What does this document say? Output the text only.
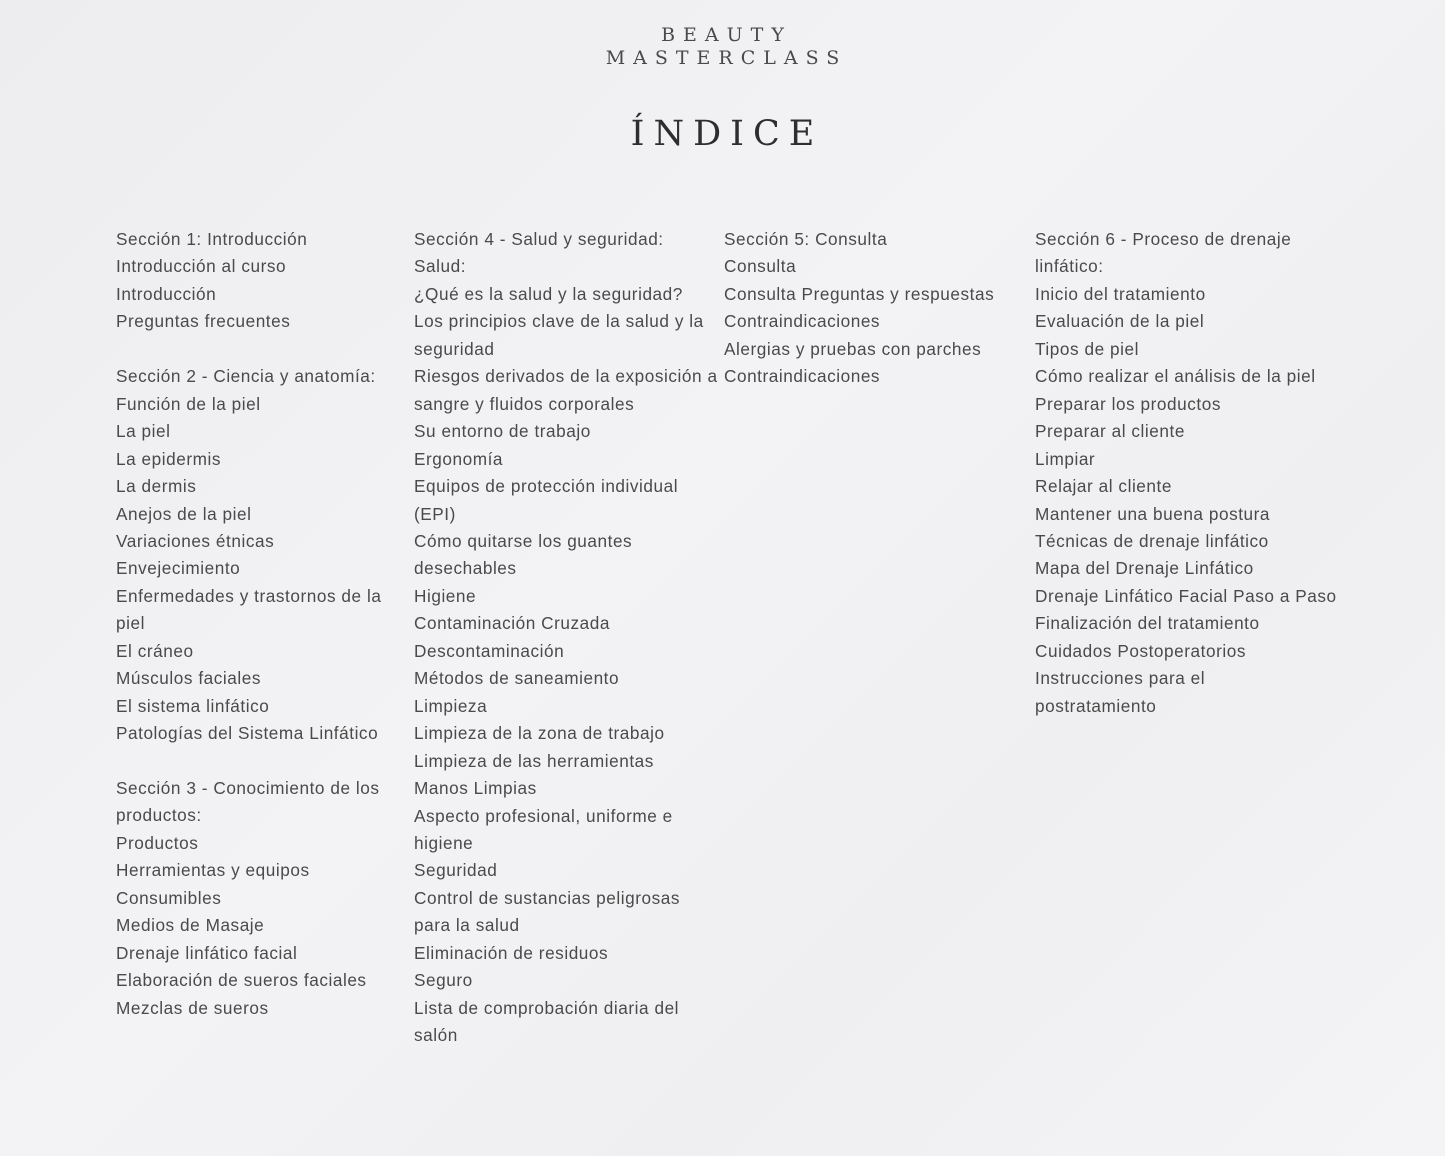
BEAUTY
MASTERCLASS
ÍNDICE
Sección 1: Introducción
Introducción al curso
Introducción
Preguntas frecuentes
Sección 2 - Ciencia y anatomía:
Función de la piel
La piel
La epidermis
La dermis
Anejos de la piel
Variaciones étnicas
Envejecimiento
Enfermedades y trastornos de la
piel
El cráneo
Músculos faciales
El sistema linfático
Patologías del Sistema Linfático
Sección 3 - Conocimiento de los
productos:
Productos
Herramientas y equipos
Consumibles
Medios de Masaje
Drenaje linfático facial
Elaboración de sueros faciales
Mezclas de sueros
Sección 4 - Salud y seguridad:
Salud:
¿Qué es la salud y la seguridad?
Los principios clave de la salud y la
seguridad
Riesgos derivados de la exposición a
sangre y fluidos corporales
Su entorno de trabajo
Ergonomía
Equipos de protección individual
(EPI)
Cómo quitarse los guantes
desechables
Higiene
Contaminación Cruzada
Descontaminación
Métodos de saneamiento
Limpieza
Limpieza de la zona de trabajo
Limpieza de las herramientas
Manos Limpias
Aspecto profesional, uniforme e
higiene
Seguridad
Control de sustancias peligrosas
para la salud
Eliminación de residuos
Seguro
Lista de comprobación diaria del
salón
Sección 5: Consulta
Consulta
Consulta Preguntas y respuestas
Contraindicaciones
Alergias y pruebas con parches
Contraindicaciones
Sección 6 - Proceso de drenaje
linfático:
Inicio del tratamiento
Evaluación de la piel
Tipos de piel
Cómo realizar el análisis de la piel
Preparar los productos
Preparar al cliente
Limpiar
Relajar al cliente
Mantener una buena postura
Técnicas de drenaje linfático
Mapa del Drenaje Linfático
Drenaje Linfático Facial Paso a Paso
Finalización del tratamiento
Cuidados Postoperatorios
Instrucciones para el
postratamiento
